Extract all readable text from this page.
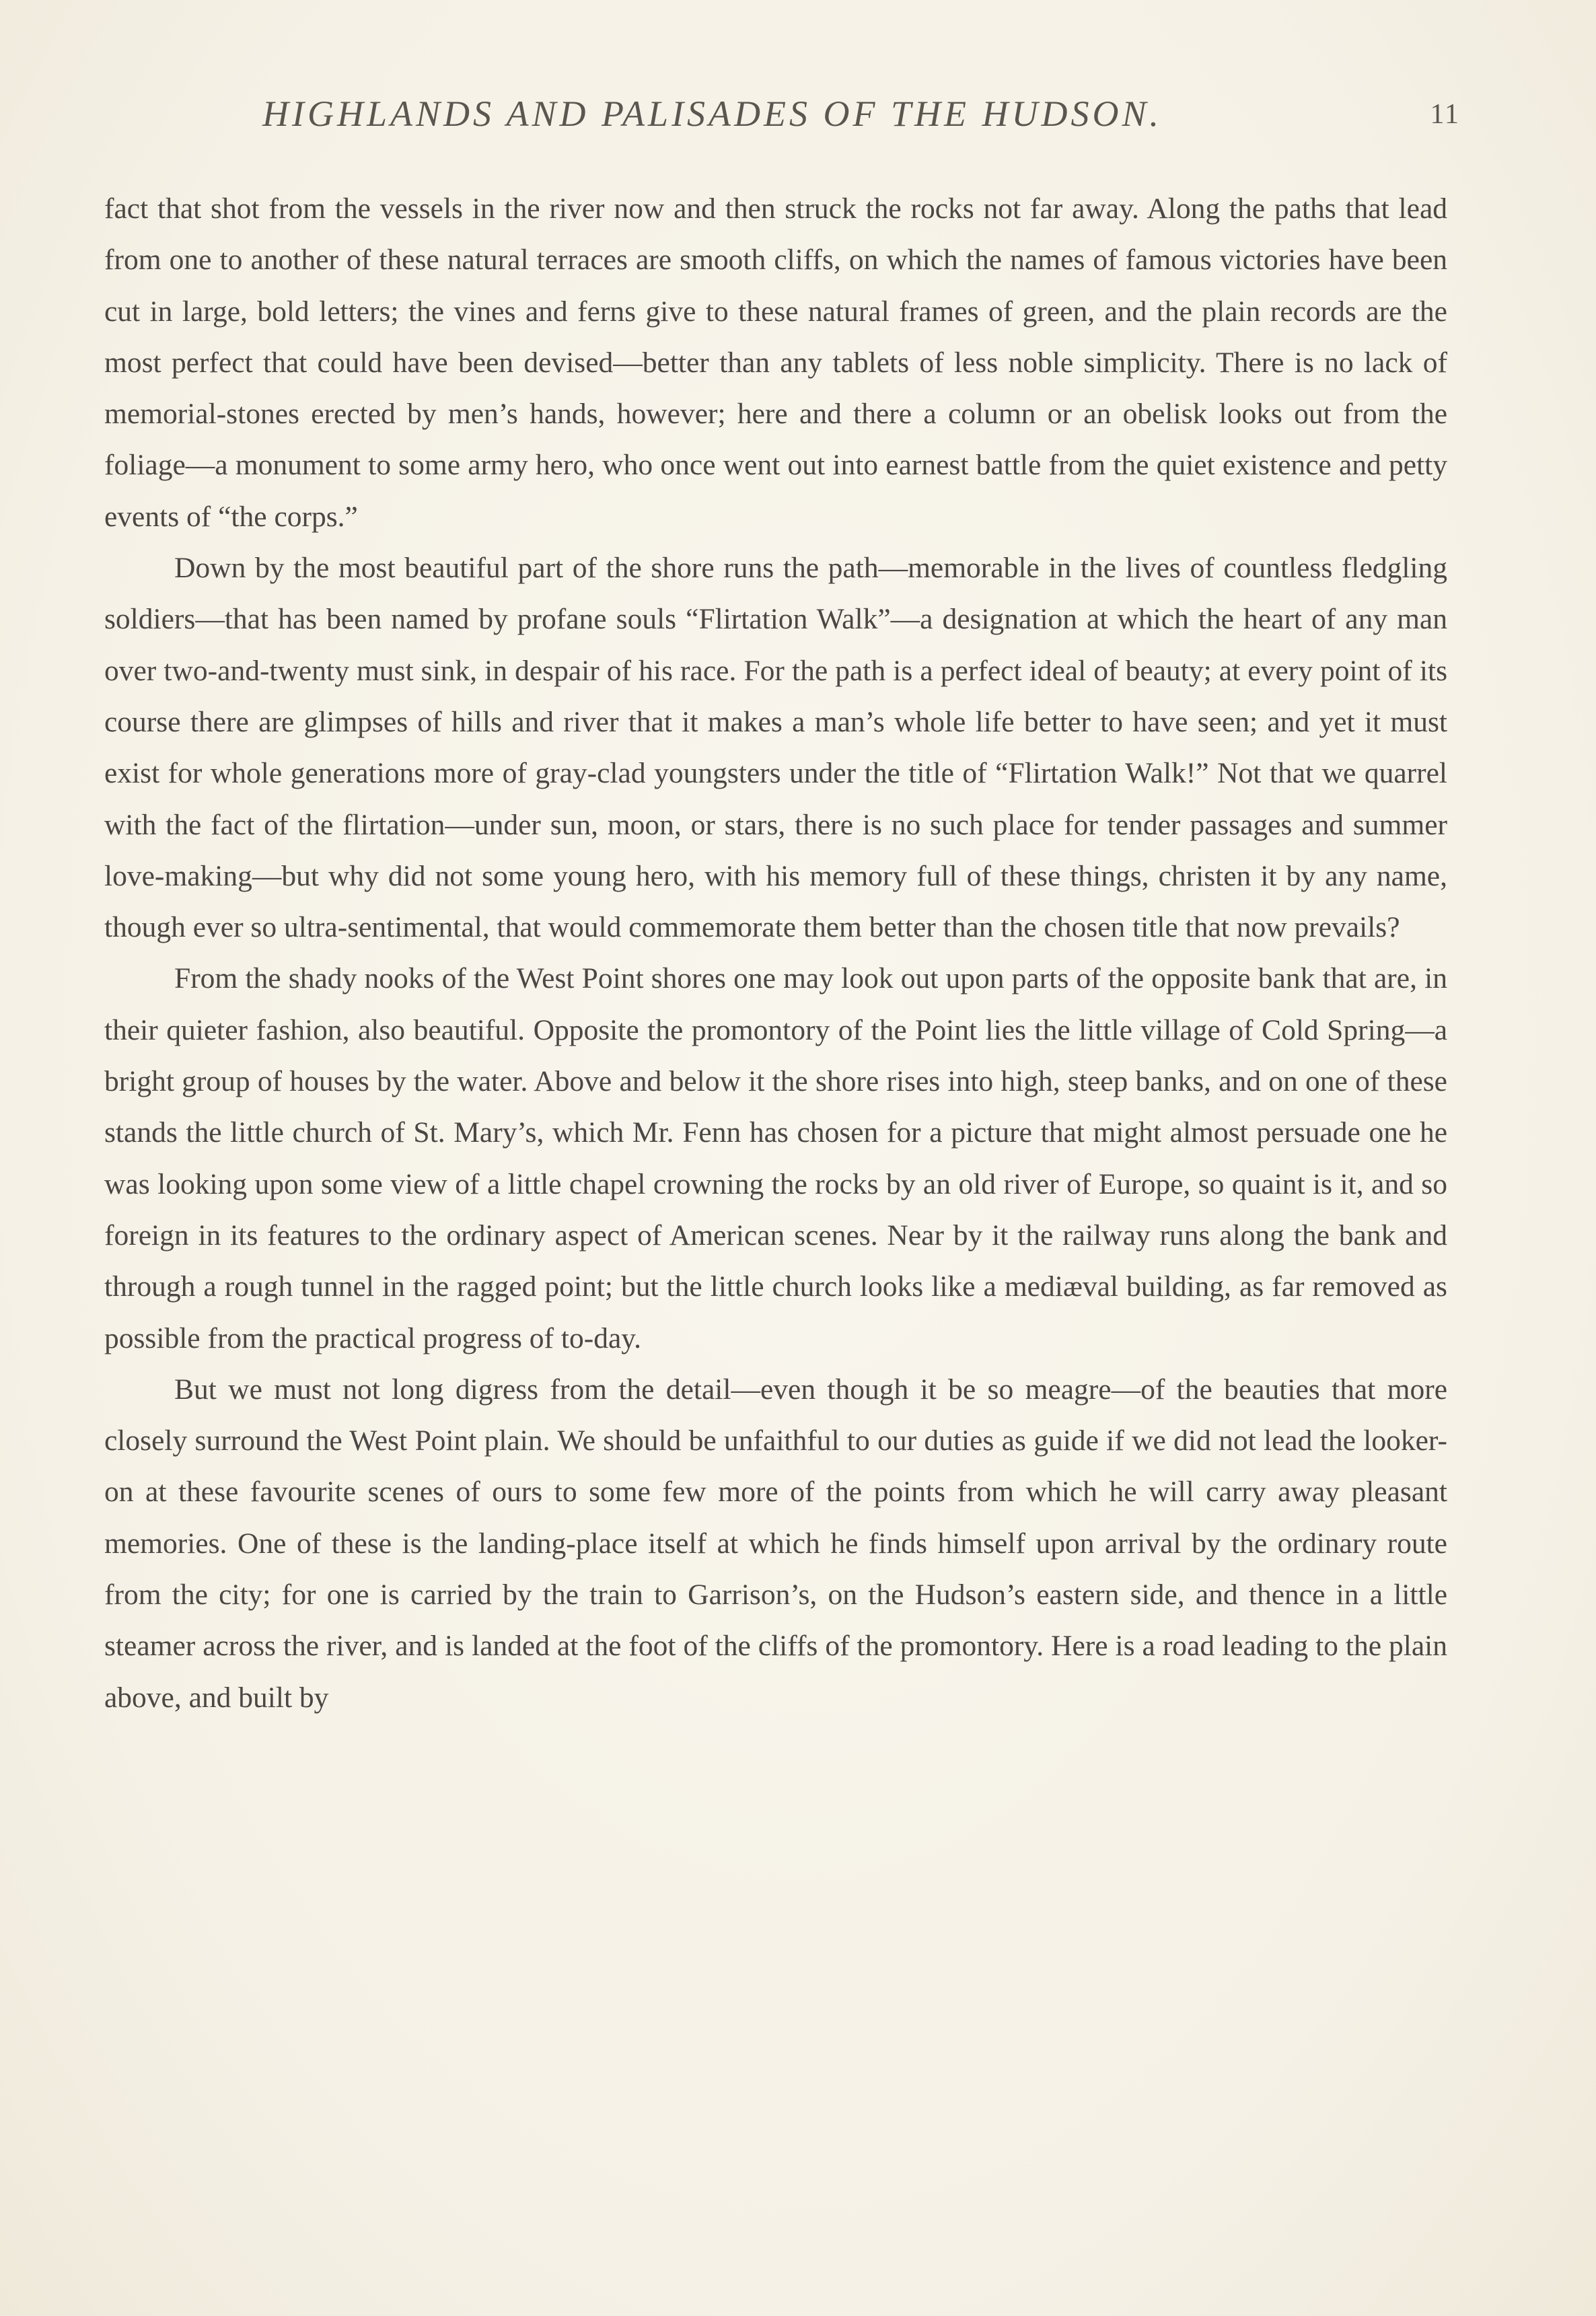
HIGHLANDS AND PALISADES OF THE HUDSON.	11

fact that shot from the vessels in the river now and then struck the rocks not far away. Along the paths that lead from one to another of these natural terraces are smooth cliffs, on which the names of famous victories have been cut in large, bold letters; the vines and ferns give to these natural frames of green, and the plain records are the most perfect that could have been devised—better than any tablets of less noble simplicity. There is no lack of memorial-stones erected by men’s hands, however; here and there a column or an obelisk looks out from the foliage—a monument to some army hero, who once went out into earnest battle from the quiet existence and petty events of “the corps.”

Down by the most beautiful part of the shore runs the path—memorable in the lives of countless fledgling soldiers—that has been named by profane souls “Flirtation Walk”—a designation at which the heart of any man over two-and-twenty must sink, in despair of his race. For the path is a perfect ideal of beauty; at every point of its course there are glimpses of hills and river that it makes a man’s whole life better to have seen; and yet it must exist for whole generations more of gray-clad youngsters under the title of “Flirtation Walk!” Not that we quarrel with the fact of the flirtation—under sun, moon, or stars, there is no such place for tender passages and summer love-making—but why did not some young hero, with his memory full of these things, christen it by any name, though ever so ultra-sentimental, that would commemorate them better than the chosen title that now prevails?

From the shady nooks of the West Point shores one may look out upon parts of the opposite bank that are, in their quieter fashion, also beautiful. Opposite the promontory of the Point lies the little village of Cold Spring—a bright group of houses by the water. Above and below it the shore rises into high, steep banks, and on one of these stands the little church of St. Mary’s, which Mr. Fenn has chosen for a picture that might almost persuade one he was looking upon some view of a little chapel crowning the rocks by an old river of Europe, so quaint is it, and so foreign in its features to the ordinary aspect of American scenes. Near by it the railway runs along the bank and through a rough tunnel in the ragged point; but the little church looks like a mediæval building, as far removed as possible from the practical progress of to-day.

But we must not long digress from the detail—even though it be so meagre—of the beauties that more closely surround the West Point plain. We should be unfaithful to our duties as guide if we did not lead the looker-on at these favourite scenes of ours to some few more of the points from which he will carry away pleasant memories. One of these is the landing-place itself at which he finds himself upon arrival by the ordinary route from the city; for one is carried by the train to Garrison’s, on the Hudson’s eastern side, and thence in a little steamer across the river, and is landed at the foot of the cliffs of the promontory. Here is a road leading to the plain above, and built by
